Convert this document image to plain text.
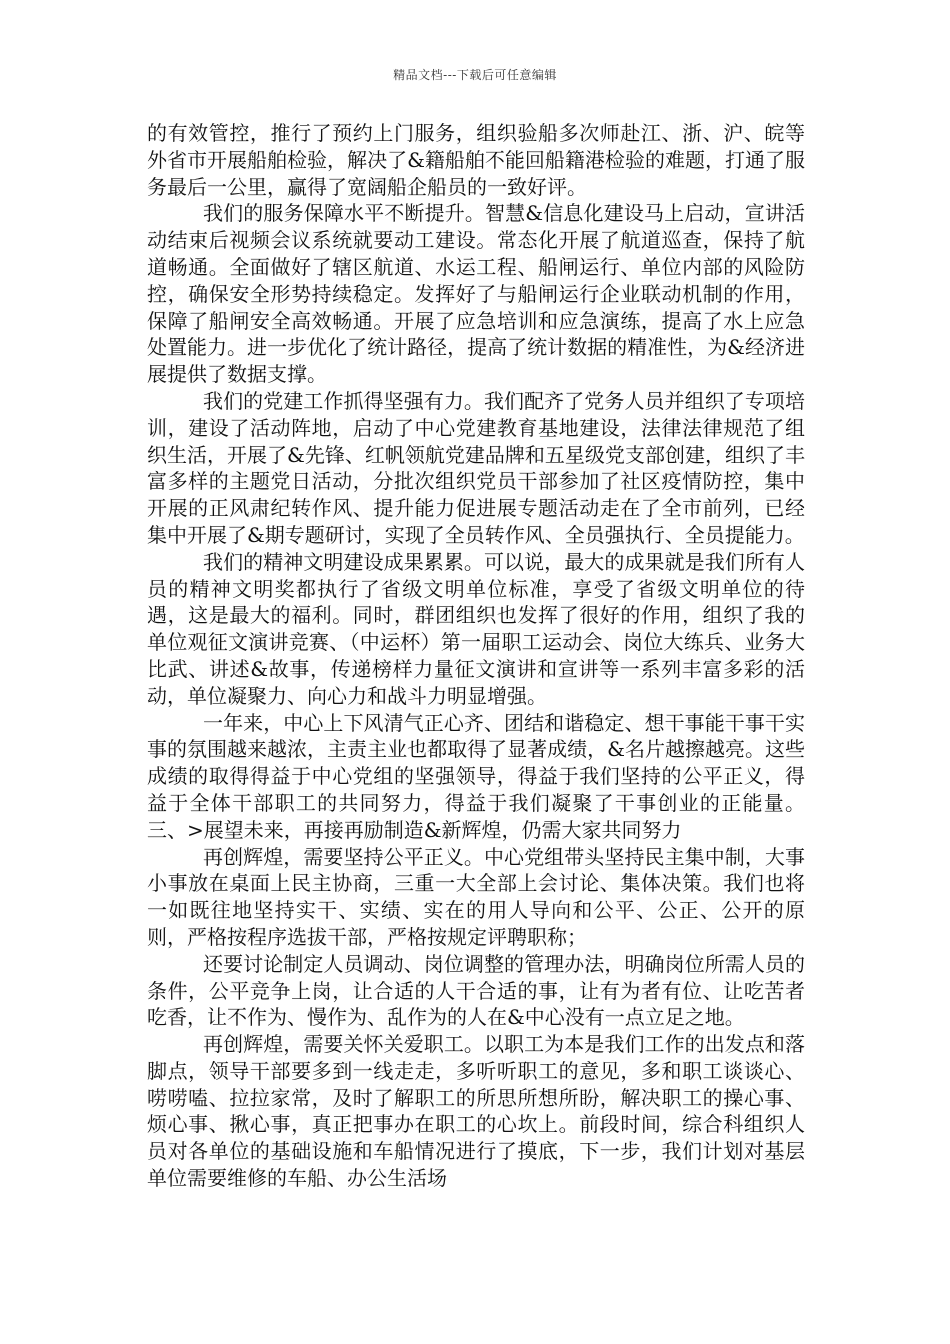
精品文档---下载后可任意编辑

的有效管控，推行了预约上门服务，组织验船多次师赴江、浙、沪、皖等外省市开展船舶检验，解决了&籍船舶不能回船籍港检验的难题，打通了服务最后一公里，赢得了宽阔船企船员的一致好评。

我们的服务保障水平不断提升。智慧&信息化建设马上启动，宣讲活动结束后视频会议系统就要动工建设。常态化开展了航道巡查，保持了航道畅通。全面做好了辖区航道、水运工程、船闸运行、单位内部的风险防控，确保安全形势持续稳定。发挥好了与船闸运行企业联动机制的作用，保障了船闸安全高效畅通。开展了应急培训和应急演练，提高了水上应急处置能力。进一步优化了统计路径，提高了统计数据的精准性，为&经济进展提供了数据支撑。

我们的党建工作抓得坚强有力。我们配齐了党务人员并组织了专项培训，建设了活动阵地，启动了中心党建教育基地建设，法律法律规范了组织生活，开展了&先锋、红帆领航党建品牌和五星级党支部创建，组织了丰富多样的主题党日活动，分批次组织党员干部参加了社区疫情防控，集中开展的正风肃纪转作风、提升能力促进展专题活动走在了全市前列，已经集中开展了&期专题研讨，实现了全员转作风、全员强执行、全员提能力。

我们的精神文明建设成果累累。可以说，最大的成果就是我们所有人员的精神文明奖都执行了省级文明单位标准，享受了省级文明单位的待遇，这是最大的福利。同时，群团组织也发挥了很好的作用，组织了我的单位观征文演讲竞赛、（中运杯）第一届职工运动会、岗位大练兵、业务大比武、讲述&故事，传递榜样力量征文演讲和宣讲等一系列丰富多彩的活动，单位凝聚力、向心力和战斗力明显增强。

一年来，中心上下风清气正心齐、团结和谐稳定、想干事能干事干实事的氛围越来越浓，主责主业也都取得了显著成绩，&名片越擦越亮。这些成绩的取得得益于中心党组的坚强领导，得益于我们坚持的公平正义，得益于全体干部职工的共同努力，得益于我们凝聚了干事创业的正能量。三、>展望未来，再接再励制造&新辉煌，仍需大家共同努力

再创辉煌，需要坚持公平正义。中心党组带头坚持民主集中制，大事小事放在桌面上民主协商，三重一大全部上会讨论、集体决策。我们也将一如既往地坚持实干、实绩、实在的用人导向和公平、公正、公开的原则，严格按程序选拔干部，严格按规定评聘职称；

还要讨论制定人员调动、岗位调整的管理办法，明确岗位所需人员的条件，公平竞争上岗，让合适的人干合适的事，让有为者有位、让吃苦者吃香，让不作为、慢作为、乱作为的人在&中心没有一点立足之地。

再创辉煌，需要关怀关爱职工。以职工为本是我们工作的出发点和落脚点，领导干部要多到一线走走，多听听职工的意见，多和职工谈谈心、唠唠嗑、拉拉家常，及时了解职工的所思所想所盼，解决职工的操心事、烦心事、揪心事，真正把事办在职工的心坎上。前段时间，综合科组织人员对各单位的基础设施和车船情况进行了摸底，下一步，我们计划对基层单位需要维修的车船、办公生活场
